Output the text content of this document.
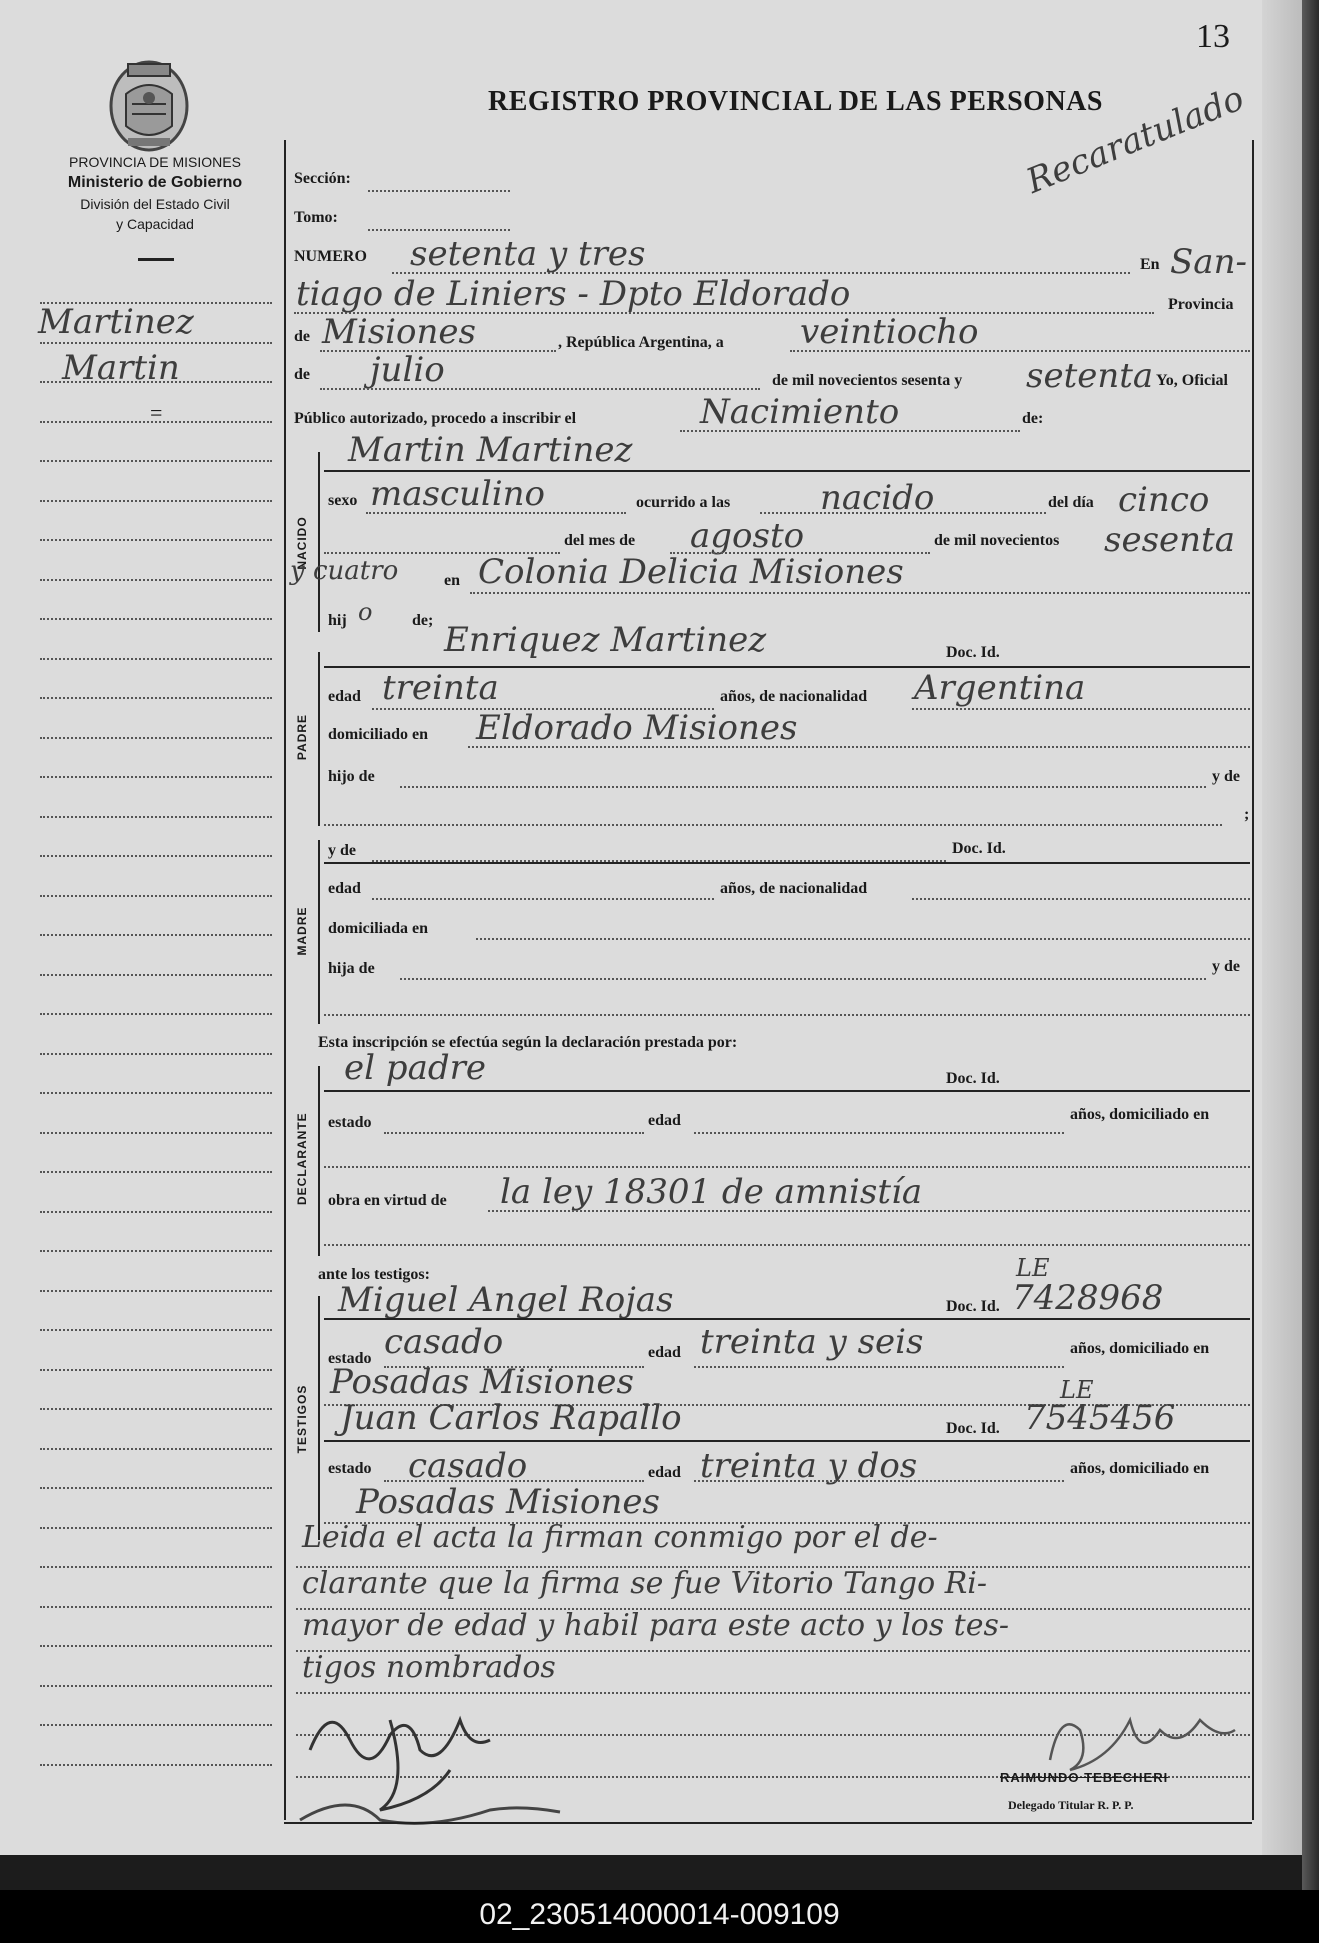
13
PROVINCIA DE MISIONES
Ministerio de Gobierno
División del Estado Civil
y Capacidad
REGISTRO PROVINCIAL DE LAS PERSONAS
Recaratulado
Martinez
Martin
=
Sección:
Tomo:
NUMERO setenta y tres	En San-
tiago de Liniers - Dpto Eldorado	Provincia
de Misiones	, República Argentina, a veintiocho
de julio	de mil novecientos sesenta y setenta Yo, Oficial
Público autorizado, procedo a inscribir el	Nacimiento	de:
NACIDO
Martin Martinez
sexo masculino	ocurrido a las	nacido	del día cinco
del mes de agosto	de mil novecientos sesenta
y cuatro	en Colonia Delicia Misiones
hij o de;
PADRE
Enriquez Martinez	Doc. Id.
edad treinta	años, de nacionalidad Argentina
domiciliado en Eldorado Misiones
hijo de	y de
;
MADRE
y de	Doc. Id.
edad	años, de nacionalidad
domiciliada en
hija de	y de
Esta inscripción se efectúa según la declaración prestada por:
DECLARANTE
el padre	Doc. Id.
estado	edad	años, domiciliado en
obra en virtud de la ley 18301 de amnistía
ante los testigos:
TESTIGOS
Miguel Angel Rojas	Doc. Id.
LE
7428968
estado casado	edad treinta y seis	años, domiciliado en
Posadas Misiones
Juan Carlos Rapallo	Doc. Id.
LE
7545456
estado casado	edad treinta y dos	años, domiciliado en
Posadas Misiones
Leida el acta la firman conmigo por el de-
clarante que la firma se fue Vitorio Tango Ri-
mayor de edad y habil para este acto y los tes-
tigos nombrados
RAIMUNDO TEBECHERI
Delegado Titular R. P. P.
02_230514000014-009109
